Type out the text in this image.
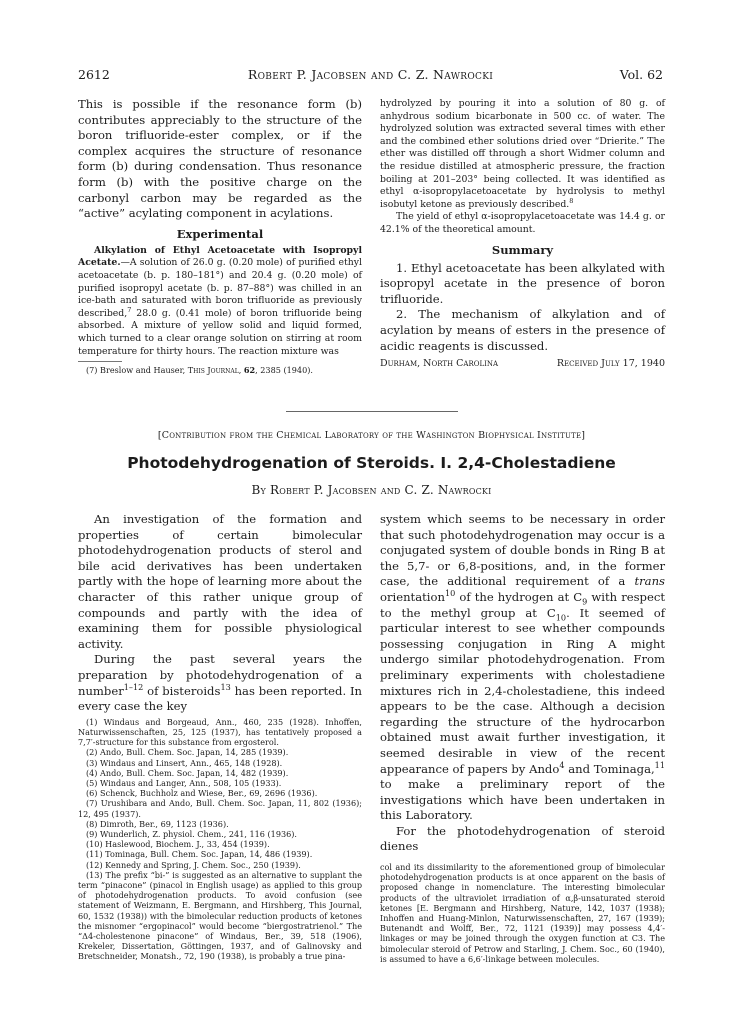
2612	Robert P. Jacobsen and C. Z. Nawrocki	Vol. 62

This is possible if the resonance form (b) contributes appreciably to the structure of the boron trifluoride-ester complex, or if the complex acquires the structure of resonance form (b) during condensation. Thus resonance form (b) with the positive charge on the carbonyl carbon may be regarded as the “active” acylating component in acylations.

Experimental

Alkylation of Ethyl Acetoacetate with Isopropyl Acetate.—A solution of 26.0 g. (0.20 mole) of purified ethyl acetoacetate (b. p. 180–181°) and 20.4 g. (0.20 mole) of purified isopropyl acetate (b. p. 87–88°) was chilled in an ice-bath and saturated with boron trifluoride as previously described,$^7$ 28.0 g. (0.41 mole) of boron trifluoride being absorbed. A mixture of yellow solid and liquid formed, which turned to a clear orange solution on stirring at room temperature for thirty hours. The reaction mixture was

(7) Breslow and Hauser, This Journal, 62, 2385 (1940).

hydrolyzed by pouring it into a solution of 80 g. of anhydrous sodium bicarbonate in 500 cc. of water. The hydrolyzed solution was extracted several times with ether and the combined ether solutions dried over “Drierite.” The ether was distilled off through a short Widmer column and the residue distilled at atmospheric pressure, the fraction boiling at 201–203° being collected. It was identified as ethyl α-isopropylacetoacetate by hydrolysis to methyl isobutyl ketone as previously described.$^8$

The yield of ethyl α-isopropylacetoacetate was 14.4 g. or 42.1% of the theoretical amount.

Summary

1. Ethyl acetoacetate has been alkylated with isopropyl acetate in the presence of boron trifluoride.

2. The mechanism of alkylation and of acylation by means of esters in the presence of acidic reagents is discussed.

Durham, North Carolina	Received July 17, 1940
[Contribution from the Chemical Laboratory of the Washington Biophysical Institute]
Photodehydrogenation of Steroids. I. 2,4-Cholestadiene
By Robert P. Jacobsen and C. Z. Nawrocki

An investigation of the formation and properties of certain bimolecular photodehydrogenation products of sterol and bile acid derivatives has been undertaken partly with the hope of learning more about the character of this rather unique group of compounds and partly with the idea of examining them for possible physiological activity.

During the past several years the preparation by photodehydrogenation of a number$^{1-12}$ of bisteroids$^{13}$ has been reported. In every case the key

(1) Windaus and Borgeaud, Ann., 460, 235 (1928). Inhoffen, Naturwissenschaften, 25, 125 (1937), has tentatively proposed a 7,7′-structure for this substance from ergosterol.

(2) Ando, Bull. Chem. Soc. Japan, 14, 285 (1939).

(3) Windaus and Linsert, Ann., 465, 148 (1928).

(4) Ando, Bull. Chem. Soc. Japan, 14, 482 (1939).

(5) Windaus and Langer, Ann., 508, 105 (1933).

(6) Schenck, Buchholz and Wiese, Ber., 69, 2696 (1936).

(7) Urushibara and Ando, Bull. Chem. Soc. Japan, 11, 802 (1936); 12, 495 (1937).

(8) Dimroth, Ber., 69, 1123 (1936).

(9) Wunderlich, Z. physiol. Chem., 241, 116 (1936).

(10) Haslewood, Biochem. J., 33, 454 (1939).

(11) Tominaga, Bull. Chem. Soc. Japan, 14, 486 (1939).

(12) Kennedy and Spring, J. Chem. Soc., 250 (1939).

(13) The prefix “bi-” is suggested as an alternative to supplant the term “pinacone” (pinacol in English usage) as applied to this group of photodehydrogenation products. To avoid confusion (see statement of Weizmann, E. Bergmann, and Hirshberg, This Journal, 60, 1532 (1938)) with the bimolecular reduction products of ketones the misnomer “ergopinacol” would become “biergostratrienol.” The “Δ4-cholestenone pinacone” of Windaus, Ber., 39, 518 (1906), Krekeler, Dissertation, Göttingen, 1937, and of Galinovsky and Bretschneider, Monatsh., 72, 190 (1938), is probably a true pina-

system which seems to be necessary in order that such photodehydrogenation may occur is a conjugated system of double bonds in Ring B at the 5,7- or 6,8-positions, and, in the former case, the additional requirement of a trans orientation$^{10}$ of the hydrogen at $C_9$ with respect to the methyl group at $C_{10}$. It seemed of particular interest to see whether compounds possessing conjugation in Ring A might undergo similar photodehydrogenation. From preliminary experiments with cholestadiene mixtures rich in 2,4-cholestadiene, this indeed appears to be the case. Although a decision regarding the structure of the hydrocarbon obtained must await further investigation, it seemed desirable in view of the recent appearance of papers by Ando$^4$ and Tominaga,$^{11}$ to make a preliminary report of the investigations which have been undertaken in this Laboratory.

For the photodehydrogenation of steroid dienes

col and its dissimilarity to the aforementioned group of bimolecular photodehydrogenation products is at once apparent on the basis of proposed change in nomenclature. The interesting bimolecular products of the ultraviolet irradiation of α,β-unsaturated steroid ketones [E. Bergmann and Hirshberg, Nature, 142, 1037 (1938); Inhoffen and Huang-Minlon, Naturwissenschaften, 27, 167 (1939); Butenandt and Wolff, Ber., 72, 1121 (1939)] may possess 4,4′-linkages or may be joined through the oxygen function at C3. The bimolecular steroid of Petrow and Starling, J. Chem. Soc., 60 (1940), is assumed to have a 6,6′-linkage between molecules.
